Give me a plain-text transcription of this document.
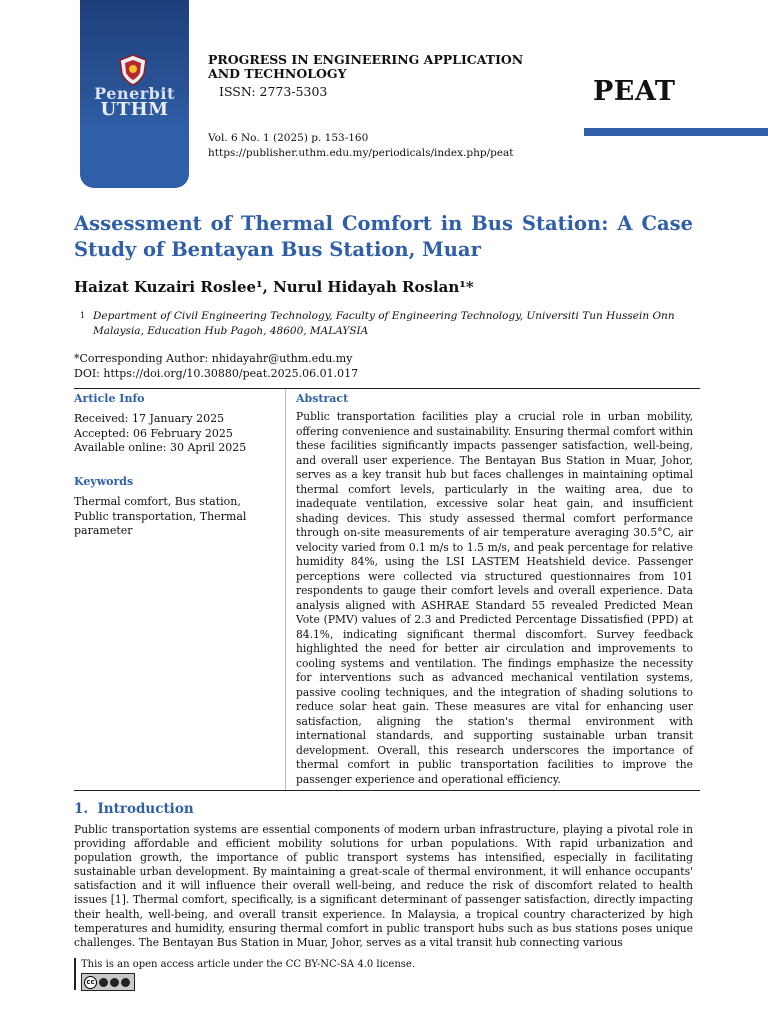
Penerbit
UTHM
PROGRESS IN ENGINEERING APPLICATION AND TECHNOLOGY
ISSN: 2773-5303	PEAT
Vol. 6 No. 1 (2025) p. 153-160
https://publisher.uthm.edu.my/periodicals/index.php/peat
Assessment of Thermal Comfort in Bus Station: A Case Study of Bentayan Bus Station, Muar
Haizat Kuzairi Roslee¹, Nurul Hidayah Roslan¹*
1 Department of Civil Engineering Technology, Faculty of Engineering Technology, Universiti Tun Hussein Onn Malaysia, Education Hub Pagoh, 48600, MALAYSIA
*Corresponding Author: nhidayahr@uthm.edu.my
DOI: https://doi.org/10.30880/peat.2025.06.01.017
Article Info
Received: 17 January 2025
Accepted: 06 February 2025
Available online: 30 April 2025
Keywords
Thermal comfort, Bus station, Public transportation, Thermal parameter
Abstract
Public transportation facilities play a crucial role in urban mobility, offering convenience and sustainability. Ensuring thermal comfort within these facilities significantly impacts passenger satisfaction, well-being, and overall user experience. The Bentayan Bus Station in Muar, Johor, serves as a key transit hub but faces challenges in maintaining optimal thermal comfort levels, particularly in the waiting area, due to inadequate ventilation, excessive solar heat gain, and insufficient shading devices. This study assessed thermal comfort performance through on-site measurements of air temperature averaging 30.5°C, air velocity varied from 0.1 m/s to 1.5 m/s, and peak percentage for relative humidity 84%, using the LSI LASTEM Heatshield device. Passenger perceptions were collected via structured questionnaires from 101 respondents to gauge their comfort levels and overall experience. Data analysis aligned with ASHRAE Standard 55 revealed Predicted Mean Vote (PMV) values of 2.3 and Predicted Percentage Dissatisfied (PPD) at 84.1%, indicating significant thermal discomfort. Survey feedback highlighted the need for better air circulation and improvements to cooling systems and ventilation. The findings emphasize the necessity for interventions such as advanced mechanical ventilation systems, passive cooling techniques, and the integration of shading solutions to reduce solar heat gain. These measures are vital for enhancing user satisfaction, aligning the station's thermal environment with international standards, and supporting sustainable urban transit development. Overall, this research underscores the importance of thermal comfort in public transportation facilities to improve the passenger experience and operational efficiency.
1.  Introduction
Public transportation systems are essential components of modern urban infrastructure, playing a pivotal role in providing affordable and efficient mobility solutions for urban populations. With rapid urbanization and population growth, the importance of public transport systems has intensified, especially in facilitating sustainable urban development. By maintaining a great-scale of thermal environment, it will enhance occupants' satisfaction and it will influence their overall well-being, and reduce the risk of discomfort related to health issues [1]. Thermal comfort, specifically, is a significant determinant of passenger satisfaction, directly impacting their health, well-being, and overall transit experience. In Malaysia, a tropical country characterized by high temperatures and humidity, ensuring thermal comfort in public transport hubs such as bus stations poses unique challenges. The Bentayan Bus Station in Muar, Johor, serves as a vital transit hub connecting various
This is an open access article under the CC BY-NC-SA 4.0 license.
cc
